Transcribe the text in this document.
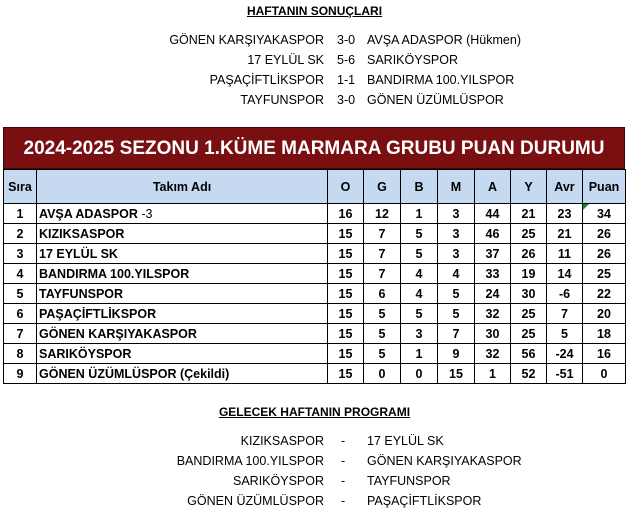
HAFTANIN SONUÇLARI
GÖNEN KARŞIYAKASPOR 3-0 AVŞA ADASPOR (Hükmen)
17 EYLÜL SK 5-6 SARIKÖYSPOR
PAŞAÇİFTLİKSPOR 1-1 BANDIRMA 100.YILSPOR
TAYFUNSPOR 3-0 GÖNEN ÜZÜMLÜSPOR
2024-2025 SEZONU 1.KÜME MARMARA GRUBU PUAN DURUMU
Sıra	Takım Adı	O	G	B	M	A	Y	Avr	Puan
1	AVŞA ADASPOR -3	16	12	1	3	44	21	23	34
2	KIZIKSASPOR	15	7	5	3	46	25	21	26
3	17 EYLÜL SK	15	7	5	3	37	26	11	26
4	BANDIRMA 100.YILSPOR	15	7	4	4	33	19	14	25
5	TAYFUNSPOR	15	6	4	5	24	30	-6	22
6	PAŞAÇİFTLİKSPOR	15	5	5	5	32	25	7	20
7	GÖNEN KARŞIYAKASPOR	15	5	3	7	30	25	5	18
8	SARIKÖYSPOR	15	5	1	9	32	56	-24	16
9	GÖNEN ÜZÜMLÜSPOR (Çekildi)	15	0	0	15	1	52	-51	0
GELECEK HAFTANIN PROGRAMI
KIZIKSASPOR - 17 EYLÜL SK
BANDIRMA 100.YILSPOR - GÖNEN KARŞIYAKASPOR
SARIKÖYSPOR - TAYFUNSPOR
GÖNEN ÜZÜMLÜSPOR - PAŞAÇİFTLİKSPOR
